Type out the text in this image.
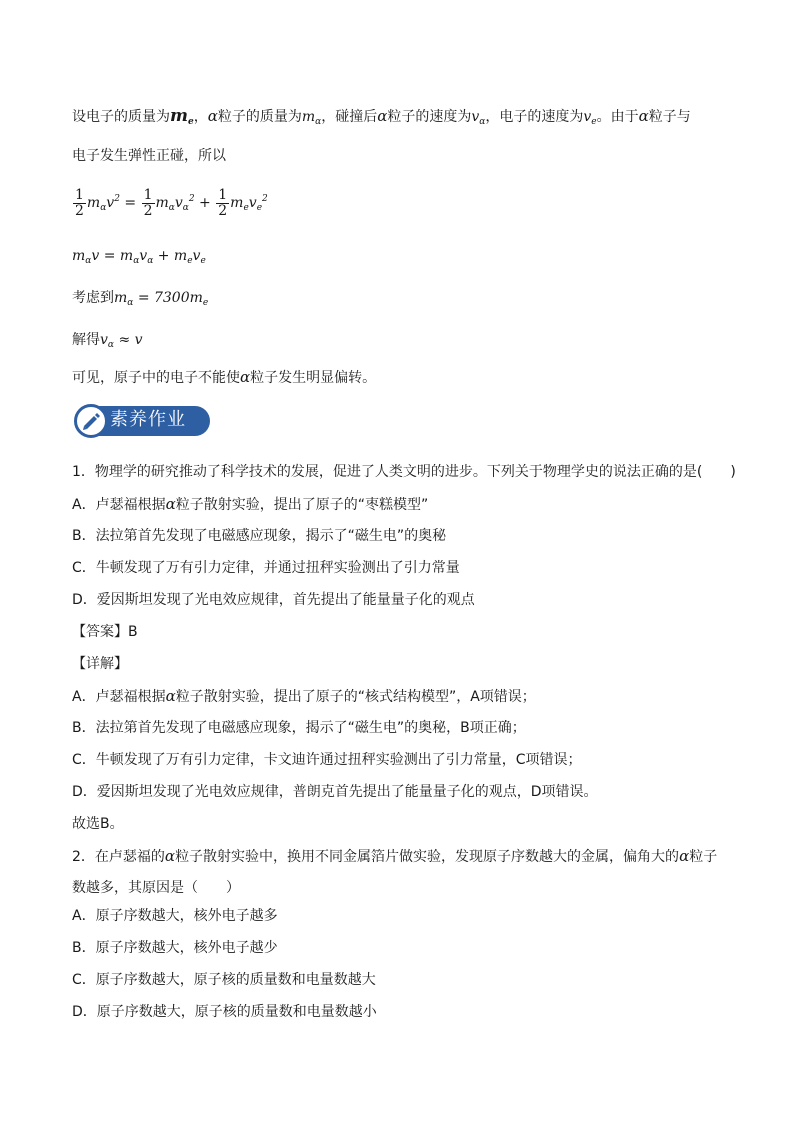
设电子的质量为$m_e$，α粒子的质量为$m_\alpha$，碰撞后α粒子的速度为$v_\alpha$，电子的速度为$v_e$。由于α粒子与
电子发生弹性正碰，所以
$\frac{1}{2} m_\alpha v^2 = \frac{1}{2} m_\alpha v_\alpha^2 + \frac{1}{2} m_ev_e^2$
$m_\alpha v = m_\alpha v_\alpha + m_ev_e$
考虑到$m_\alpha = 7300m_e$
解得$v_\alpha \approx v$
可见，原子中的电子不能使α粒子发生明显偏转。
素养作业
1．物理学的研究推动了科学技术的发展，促进了人类文明的进步。下列关于物理学史的说法正确的是(　　)
A．卢瑟福根据α粒子散射实验，提出了原子的“枣糕模型”
B．法拉第首先发现了电磁感应现象，揭示了“磁生电”的奥秘
C．牛顿发现了万有引力定律，并通过扭秤实验测出了引力常量
D．爱因斯坦发现了光电效应规律，首先提出了能量量子化的观点
【答案】B
【详解】
A．卢瑟福根据α粒子散射实验，提出了原子的“核式结构模型”，A项错误；
B．法拉第首先发现了电磁感应现象，揭示了“磁生电”的奥秘，B项正确；
C．牛顿发现了万有引力定律，卡文迪许通过扭秤实验测出了引力常量，C项错误；
D．爱因斯坦发现了光电效应规律，普朗克首先提出了能量量子化的观点，D项错误。
故选B。
2．在卢瑟福的α粒子散射实验中，换用不同金属箔片做实验，发现原子序数越大的金属，偏角大的α粒子
数越多，其原因是（　　）
A．原子序数越大，核外电子越多
B．原子序数越大，核外电子越少
C．原子序数越大，原子核的质量数和电量数越大
D．原子序数越大，原子核的质量数和电量数越小
